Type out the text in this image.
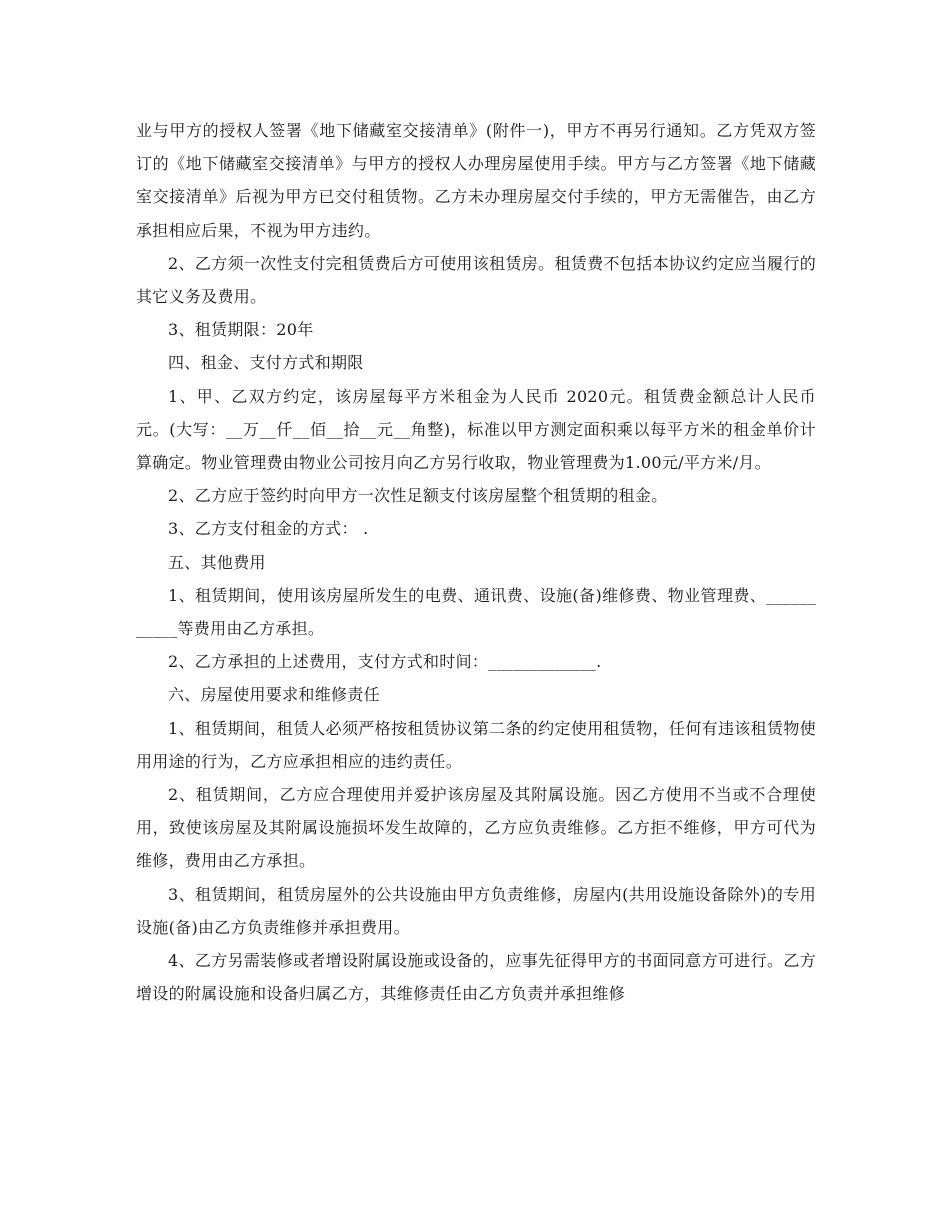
业与甲方的授权人签署《地下储藏室交接清单》(附件一)，甲方不再另行通知。乙方凭双方签订的《地下储藏室交接清单》与甲方的授权人办理房屋使用手续。甲方与乙方签署《地下储藏室交接清单》后视为甲方已交付租赁物。乙方未办理房屋交付手续的，甲方无需催告，由乙方承担相应后果，不视为甲方违约。

2、乙方须一次性支付完租赁费后方可使用该租赁房。租赁费不包括本协议约定应当履行的其它义务及费用。

3、租赁期限：20年

四、租金、支付方式和期限

1、甲、乙双方约定，该房屋每平方米租金为人民币 2020元。租赁费金额总计人民币 元。(大写：__万__仟__佰__拾__元__角整)，标准以甲方测定面积乘以每平方米的租金单价计算确定。物业管理费由物业公司按月向乙方另行收取，物业管理费为1.00元/平方米/月。

2、乙方应于签约时向甲方一次性足额支付该房屋整个租赁期的租金。

3、乙方支付租金的方式： .

五、其他费用

1、租赁期间，使用该房屋所发生的电费、通讯费、设施(备)维修费、物业管理费、___________等费用由乙方承担。

2、乙方承担的上述费用，支付方式和时间：_____________.

六、房屋使用要求和维修责任

1、租赁期间，租赁人必须严格按租赁协议第二条的约定使用租赁物，任何有违该租赁物使用用途的行为，乙方应承担相应的违约责任。

2、租赁期间，乙方应合理使用并爱护该房屋及其附属设施。因乙方使用不当或不合理使用，致使该房屋及其附属设施损坏发生故障的，乙方应负责维修。乙方拒不维修，甲方可代为维修，费用由乙方承担。

3、租赁期间，租赁房屋外的公共设施由甲方负责维修，房屋内(共用设施设备除外)的专用设施(备)由乙方负责维修并承担费用。

4、乙方另需装修或者增设附属设施或设备的，应事先征得甲方的书面同意方可进行。乙方增设的附属设施和设备归属乙方，其维修责任由乙方负责并承担维修
